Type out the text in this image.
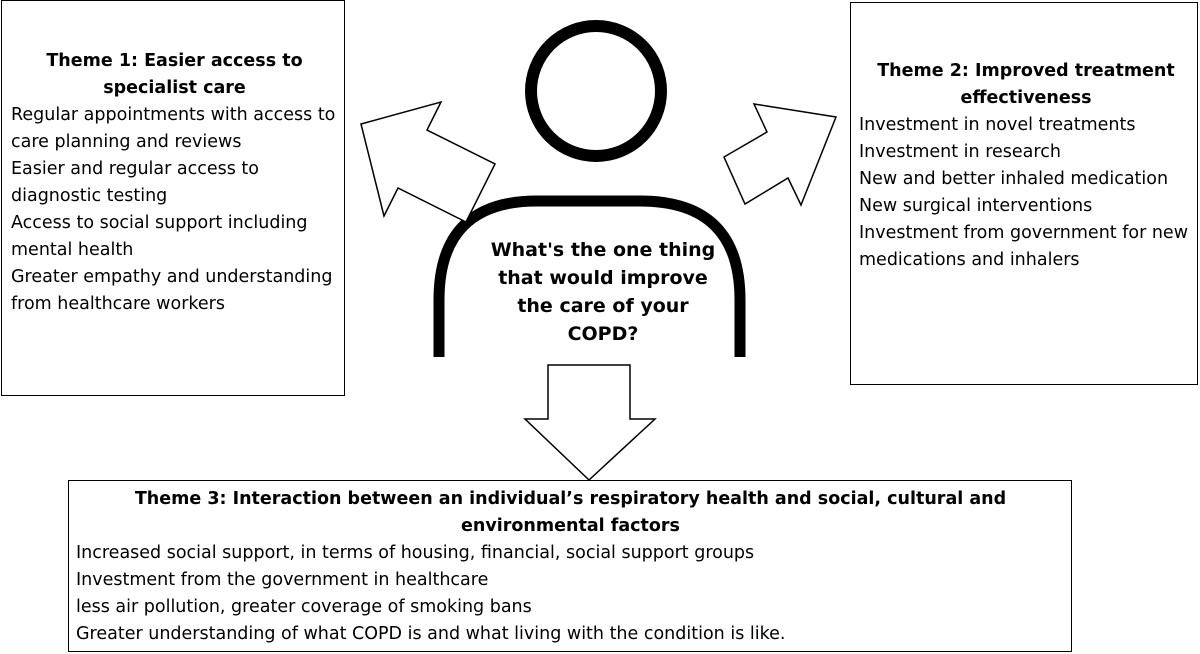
What's the one thing that would improve the care of your COPD?
Theme 1: Easier access to specialist care
Regular appointments with access to care planning and reviews
Easier and regular access to diagnostic testing
Access to social support including mental health
Greater empathy and understanding from healthcare workers
Theme 2: Improved treatment effectiveness
Investment in novel treatments
Investment in research
New and better inhaled medication
New surgical interventions
Investment from government for new medications and inhalers
Theme 3: Interaction between an individual’s respiratory health and social, cultural and environmental factors
Increased social support, in terms of housing, financial, social support groups
Investment from the government in healthcare
less air pollution, greater coverage of smoking bans
Greater understanding of what COPD is and what living with the condition is like.
